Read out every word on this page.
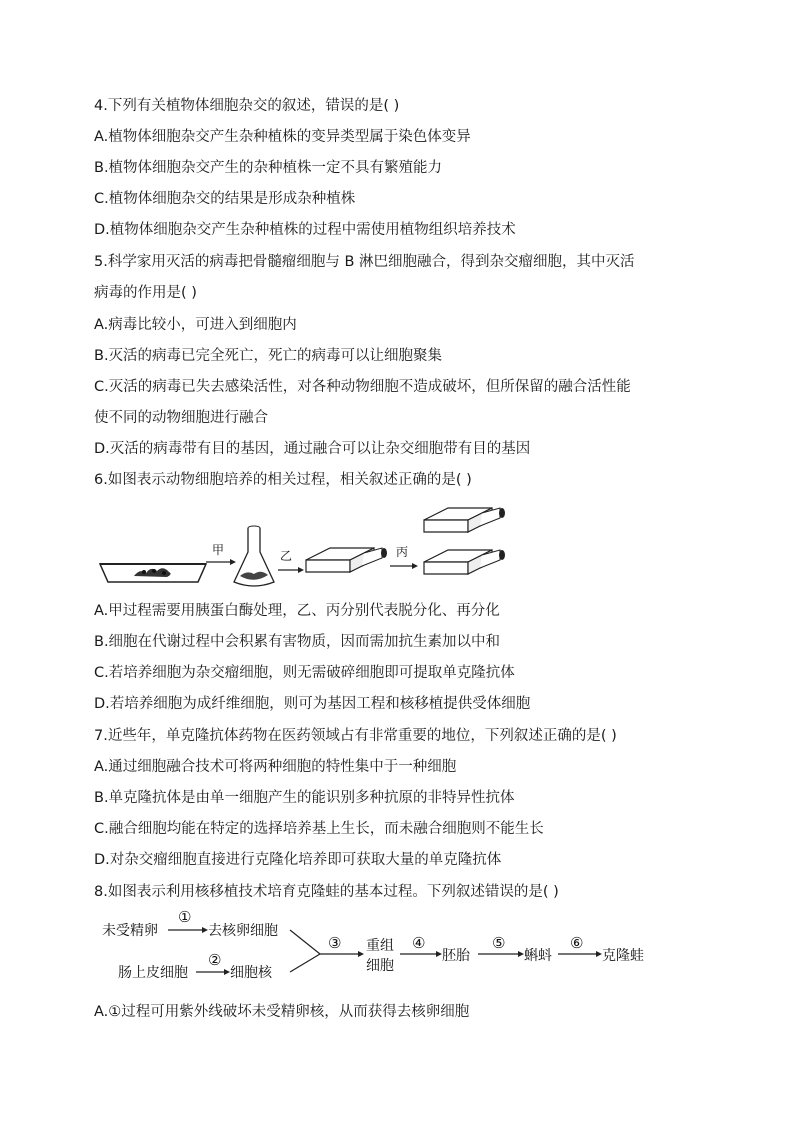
4.下列有关植物体细胞杂交的叙述，错误的是( )
A.植物体细胞杂交产生杂种植株的变异类型属于染色体变异
B.植物体细胞杂交产生的杂种植株一定不具有繁殖能力
C.植物体细胞杂交的结果是形成杂种植株
D.植物体细胞杂交产生杂种植株的过程中需使用植物组织培养技术
5.科学家用灭活的病毒把骨髓瘤细胞与 B 淋巴细胞融合，得到杂交瘤细胞，其中灭活
病毒的作用是( )
A.病毒比较小，可进入到细胞内
B.灭活的病毒已完全死亡，死亡的病毒可以让细胞聚集
C.灭活的病毒已失去感染活性，对各种动物细胞不造成破坏，但所保留的融合活性能
使不同的动物细胞进行融合
D.灭活的病毒带有目的基因，通过融合可以让杂交细胞带有目的基因
6.如图表示动物细胞培养的相关过程，相关叙述正确的是( )
甲	乙	丙
A.甲过程需要用胰蛋白酶处理，乙、丙分别代表脱分化、再分化
B.细胞在代谢过程中会积累有害物质，因而需加抗生素加以中和
C.若培养细胞为杂交瘤细胞，则无需破碎细胞即可提取单克隆抗体
D.若培养细胞为成纤维细胞，则可为基因工程和核移植提供受体细胞
7.近些年，单克隆抗体药物在医药领域占有非常重要的地位，下列叙述正确的是( )
A.通过细胞融合技术可将两种细胞的特性集中于一种细胞
B.单克隆抗体是由单一细胞产生的能识别多种抗原的非特异性抗体
C.融合细胞均能在特定的选择培养基上生长，而未融合细胞则不能生长
D.对杂交瘤细胞直接进行克隆化培养即可获取大量的单克隆抗体
8.如图表示利用核移植技术培育克隆蛙的基本过程。下列叙述错误的是( )
未受精卵	去核卵细胞
肠上皮细胞	细胞核
重组
细胞
胚胎	蝌蚪	克隆蛙
①
②
③	④	⑤	⑥
A.①过程可用紫外线破坏未受精卵核，从而获得去核卵细胞
